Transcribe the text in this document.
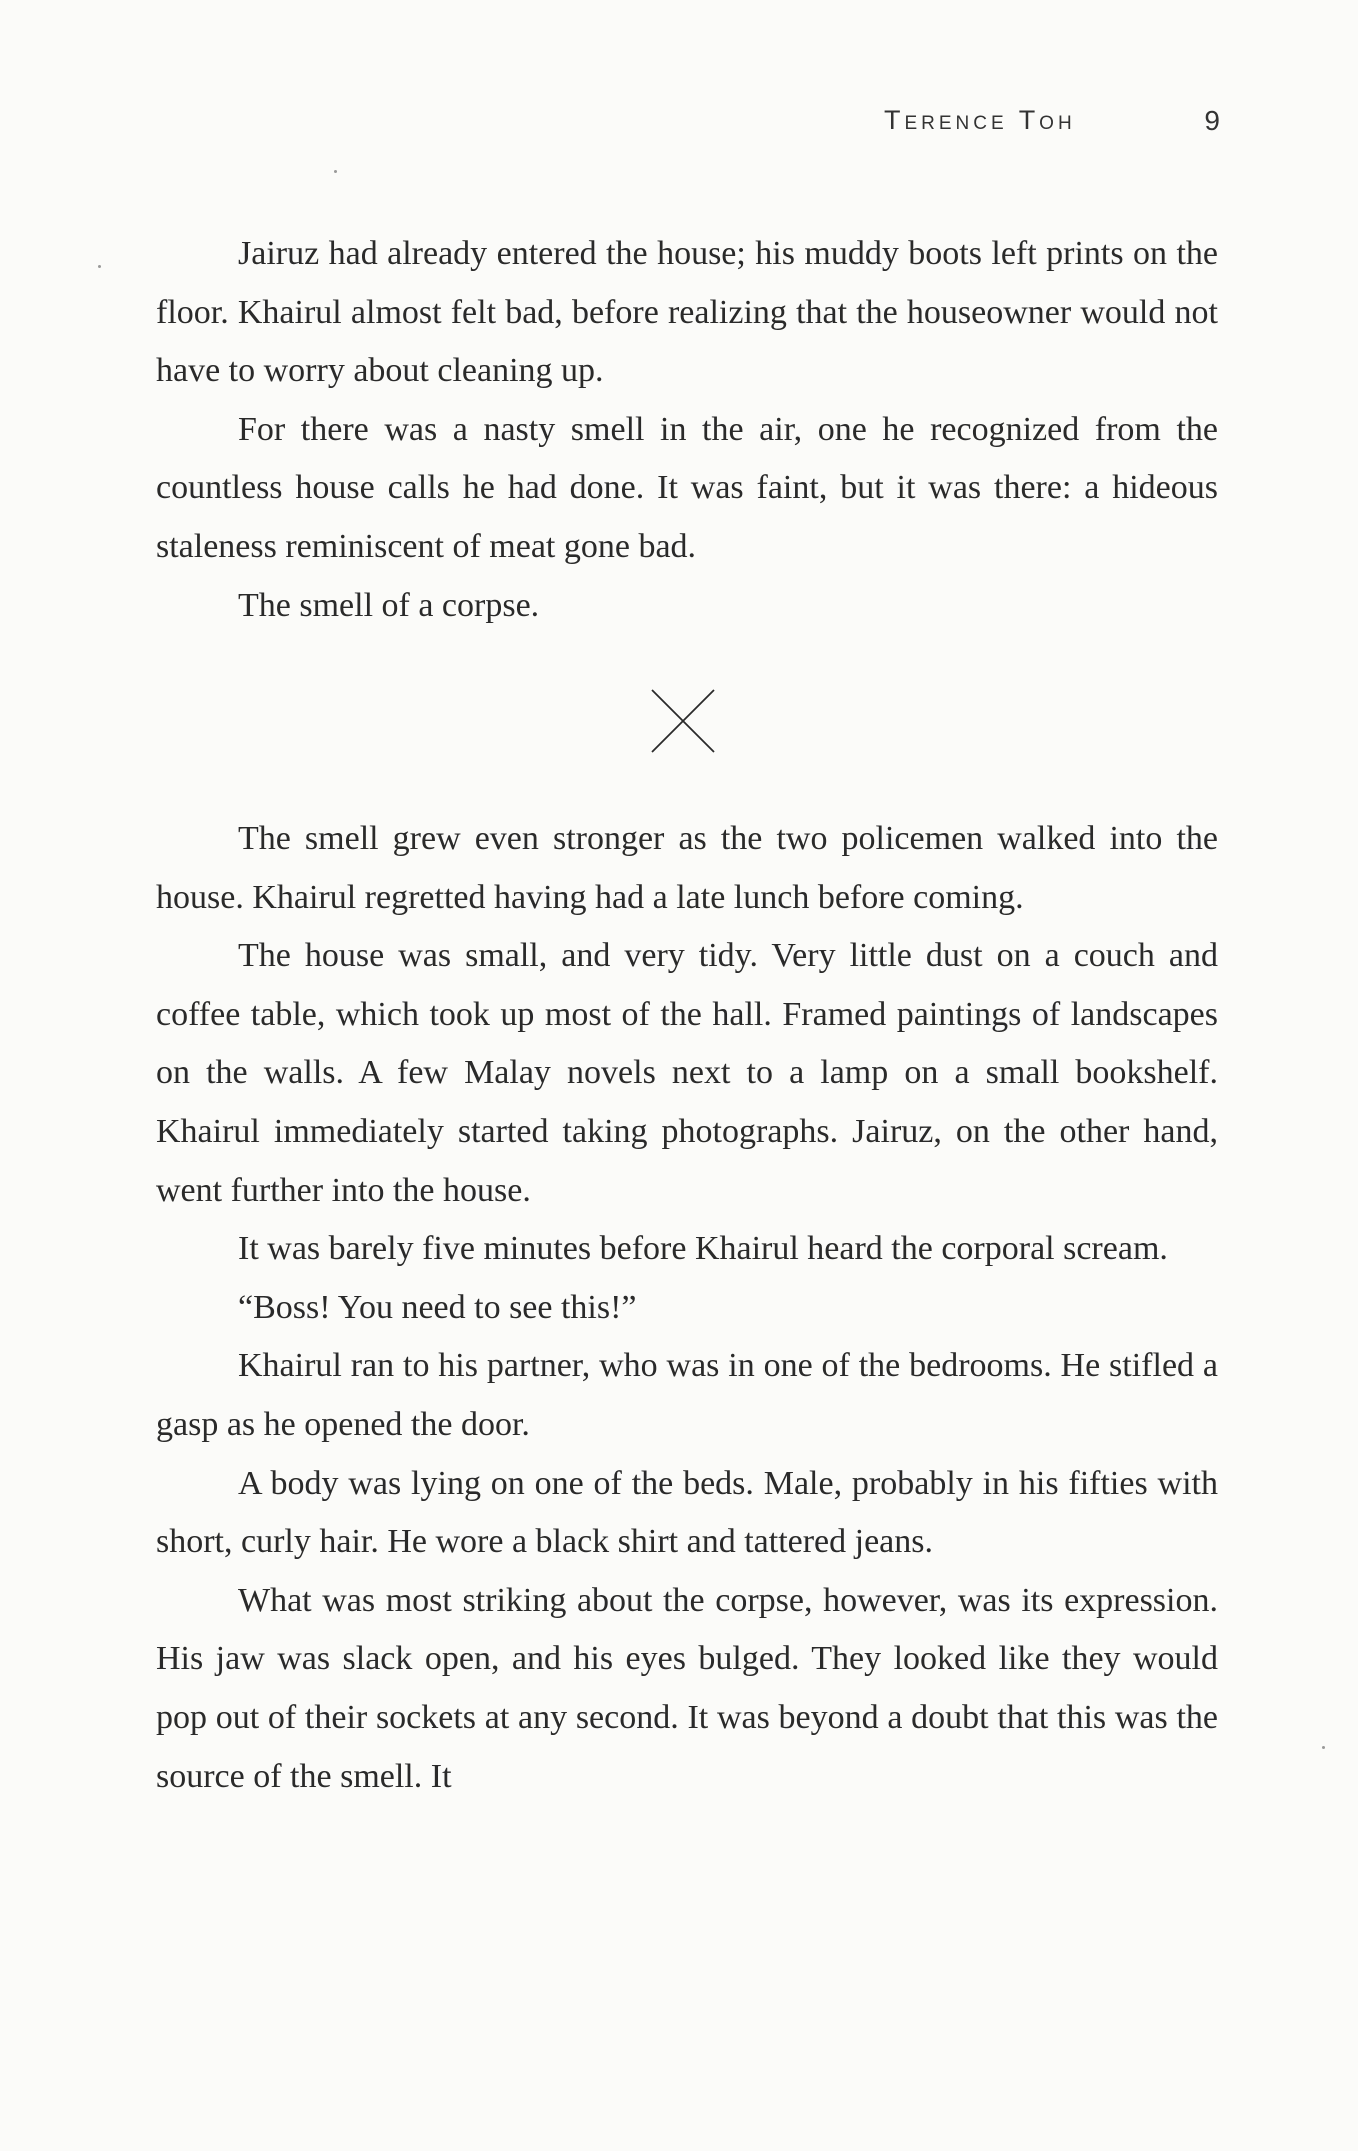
Terence Toh	9

Jairuz had already entered the house; his muddy boots left prints on the floor. Khairul almost felt bad, before realizing that the houseowner would not have to worry about cleaning up.

For there was a nasty smell in the air, one he recognized from the countless house calls he had done. It was faint, but it was there: a hideous staleness reminiscent of meat gone bad.

The smell of a corpse.

The smell grew even stronger as the two policemen walked into the house. Khairul regretted having had a late lunch before coming.

The house was small, and very tidy. Very little dust on a couch and coffee table, which took up most of the hall. Framed paintings of landscapes on the walls. A few Malay novels next to a lamp on a small bookshelf. Khairul immediately started taking photographs. Jairuz, on the other hand, went further into the house.

It was barely five minutes before Khairul heard the corporal scream.

“Boss! You need to see this!”

Khairul ran to his partner, who was in one of the bedrooms. He stifled a gasp as he opened the door.

A body was lying on one of the beds. Male, probably in his fifties with short, curly hair. He wore a black shirt and tattered jeans.

What was most striking about the corpse, however, was its expression. His jaw was slack open, and his eyes bulged. They looked like they would pop out of their sockets at any second. It was beyond a doubt that this was the source of the smell. It
